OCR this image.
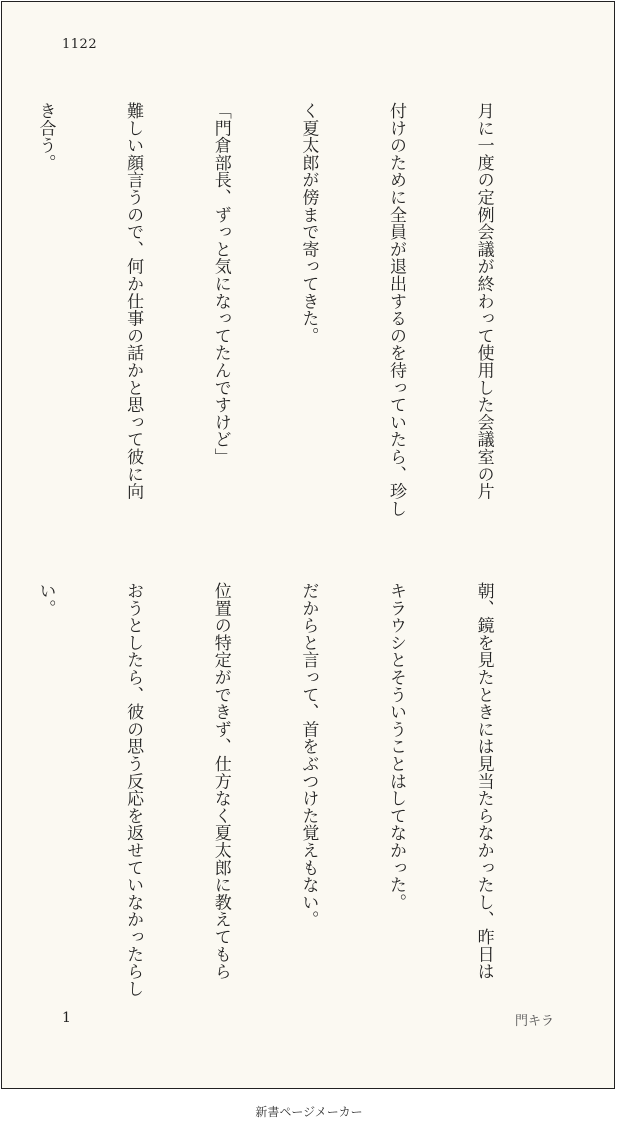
1122

月に一度の定例会議が終わって使用した会議室の片

付けのために全員が退出するのを待っていたら、珍し

く夏太郎が傍まで寄ってきた。

「門倉部長、ずっと気になってたんですけど」

難しい顔言うので、何か仕事の話かと思って彼に向

き合う。

朝、鏡を見たときには見当たらなかったし、昨日は

キラウシとそういうことはしてなかった。

だからと言って、首をぶつけた覚えもない。

位置の特定ができず、仕方なく夏太郎に教えてもら

おうとしたら、彼の思う反応を返せていなかったらし

い。

1	門キラ
新書ページメーカー
